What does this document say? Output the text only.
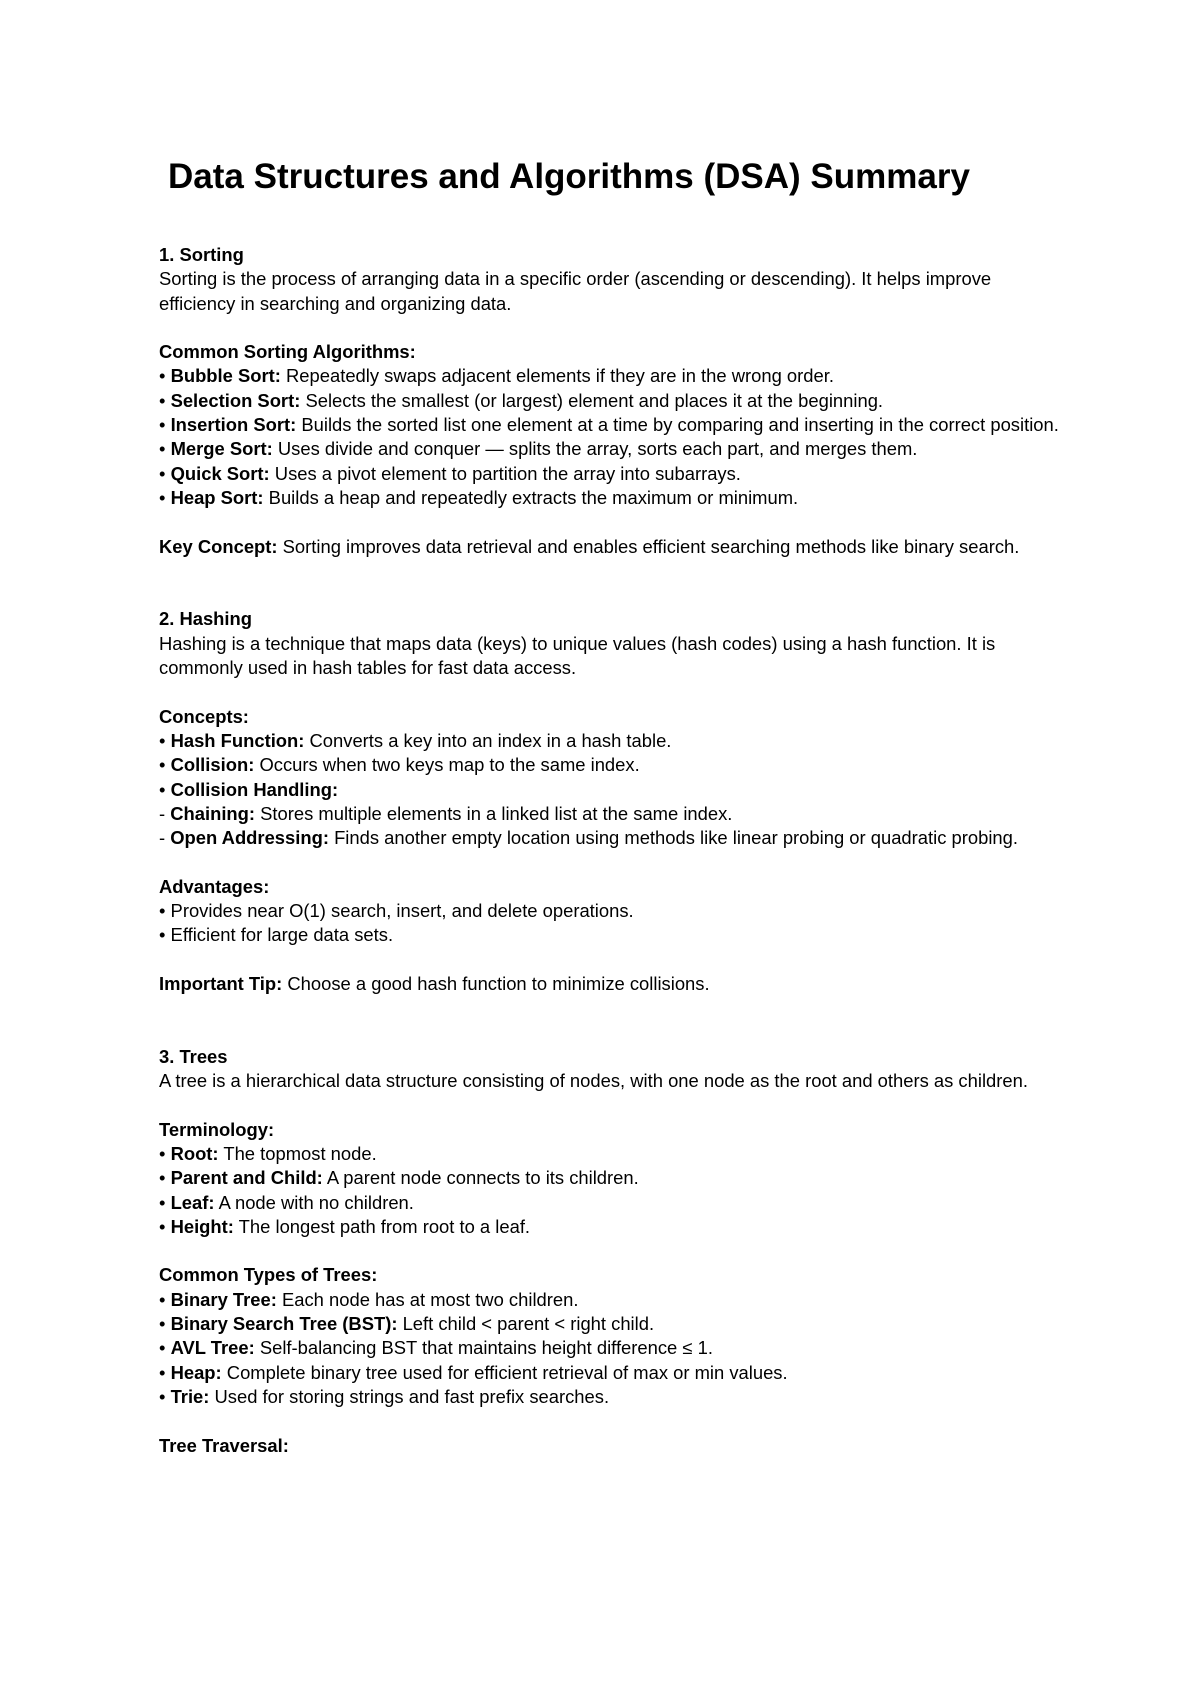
Data Structures and Algorithms (DSA) Summary
1. Sorting

Sorting is the process of arranging data in a specific order (ascending or descending). It helps improve efficiency in searching and organizing data.

Common Sorting Algorithms:
• Bubble Sort: Repeatedly swaps adjacent elements if they are in the wrong order.
• Selection Sort: Selects the smallest (or largest) element and places it at the beginning.
• Insertion Sort: Builds the sorted list one element at a time by comparing and inserting in the correct position.
• Merge Sort: Uses divide and conquer — splits the array, sorts each part, and merges them.
• Quick Sort: Uses a pivot element to partition the array into subarrays.
• Heap Sort: Builds a heap and repeatedly extracts the maximum or minimum.

Key Concept: Sorting improves data retrieval and enables efficient searching methods like binary search.

2. Hashing

Hashing is a technique that maps data (keys) to unique values (hash codes) using a hash function. It is commonly used in hash tables for fast data access.

Concepts:
• Hash Function: Converts a key into an index in a hash table.
• Collision: Occurs when two keys map to the same index.
• Collision Handling:
- Chaining: Stores multiple elements in a linked list at the same index.
- Open Addressing: Finds another empty location using methods like linear probing or quadratic probing.
Advantages:
• Provides near O(1) search, insert, and delete operations.
• Efficient for large data sets.

Important Tip: Choose a good hash function to minimize collisions.

3. Trees

A tree is a hierarchical data structure consisting of nodes, with one node as the root and others as children.

Terminology:
• Root: The topmost node.
• Parent and Child: A parent node connects to its children.
• Leaf: A node with no children.
• Height: The longest path from root to a leaf.
Common Types of Trees:
• Binary Tree: Each node has at most two children.
• Binary Search Tree (BST): Left child < parent < right child.
• AVL Tree: Self-balancing BST that maintains height difference ≤ 1.
• Heap: Complete binary tree used for efficient retrieval of max or min values.
• Trie: Used for storing strings and fast prefix searches.
Tree Traversal:
